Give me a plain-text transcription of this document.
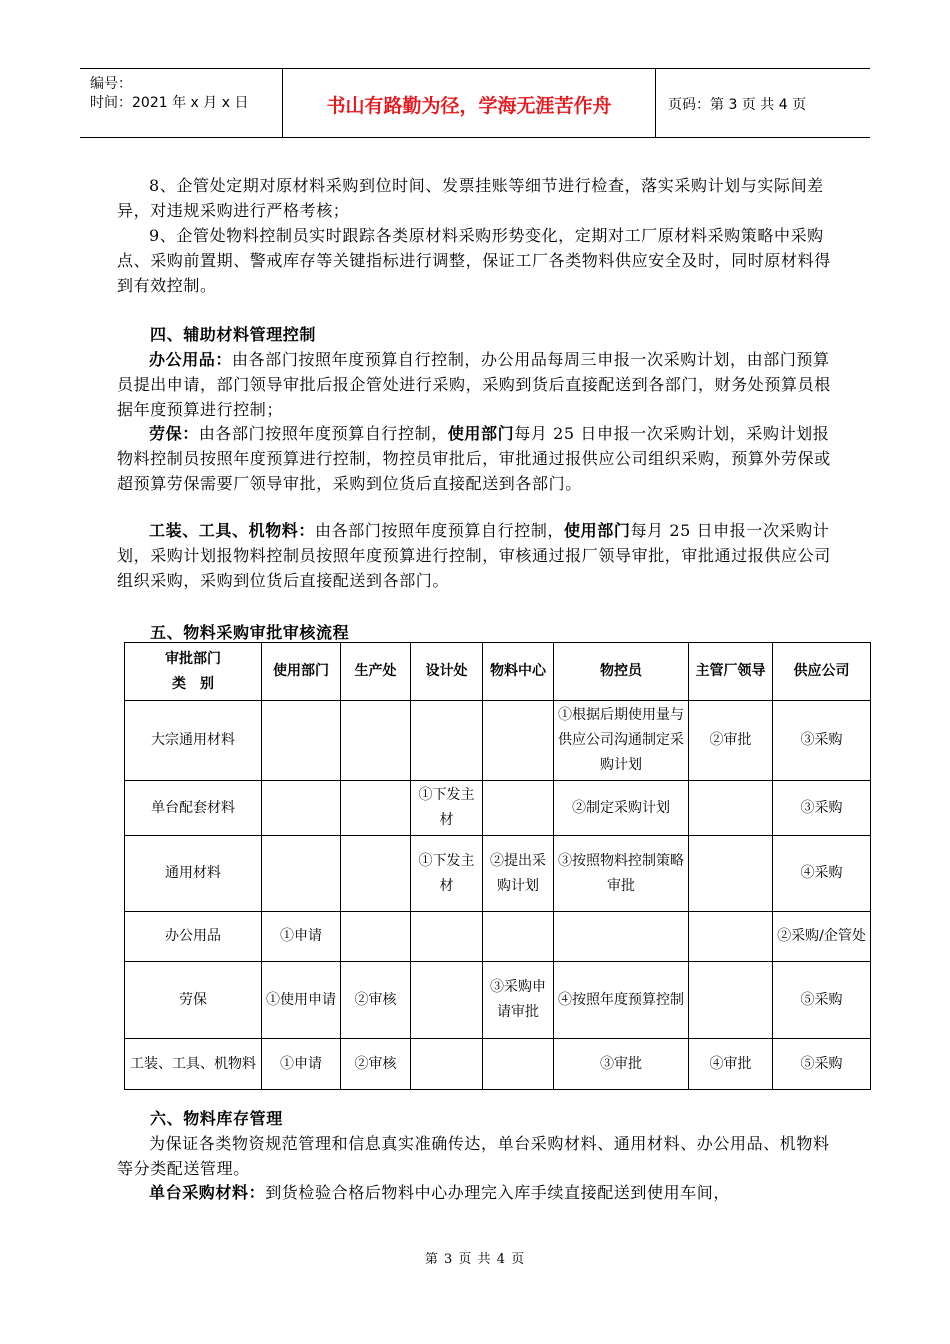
编号：
时间：2021 年 x 月 x 日	书山有路勤为径，学海无涯苦作舟	页码：第 3 页 共 4 页
8、企管处定期对原材料采购到位时间、发票挂账等细节进行检查，落实采购计划与实际间差异，对违规采购进行严格考核；
9、企管处物料控制员实时跟踪各类原材料采购形势变化，定期对工厂原材料采购策略中采购点、采购前置期、警戒库存等关键指标进行调整，保证工厂各类物料供应安全及时，同时原材料得到有效控制。
四、辅助材料管理控制
办公用品：由各部门按照年度预算自行控制，办公用品每周三申报一次采购计划，由部门预算员提出申请，部门领导审批后报企管处进行采购，采购到货后直接配送到各部门，财务处预算员根据年度预算进行控制；
劳保：由各部门按照年度预算自行控制，使用部门每月 25 日申报一次采购计划，采购计划报物料控制员按照年度预算进行控制，物控员审批后，审批通过报供应公司组织采购，预算外劳保或超预算劳保需要厂领导审批，采购到位货后直接配送到各部门。
工装、工具、机物料：由各部门按照年度预算自行控制，使用部门每月 25 日申报一次采购计划，采购计划报物料控制员按照年度预算进行控制，审核通过报厂领导审批，审批通过报供应公司组织采购，采购到位货后直接配送到各部门。
五、物料采购审批审核流程
审批部门
类　别	使用部门	生产处	设计处	物料中心	物控员	主管厂领导	供应公司
大宗通用材料					①根据后期使用量与供应公司沟通制定采购计划	②审批	③采购
单台配套材料			①下发主材		②制定采购计划		③采购
通用材料			①下发主材	②提出采购计划	③按照物料控制策略审批		④采购
办公用品	①申请						②采购/企管处
劳保	①使用申请	②审核		③采购申请审批	④按照年度预算控制		⑤采购
工装、工具、机物料	①申请	②审核			③审批	④审批	⑤采购
六、物料库存管理
为保证各类物资规范管理和信息真实准确传达，单台采购材料、通用材料、办公用品、机物料等分类配送管理。
单台采购材料：到货检验合格后物料中心办理完入库手续直接配送到使用车间，
第 3 页 共 4 页
